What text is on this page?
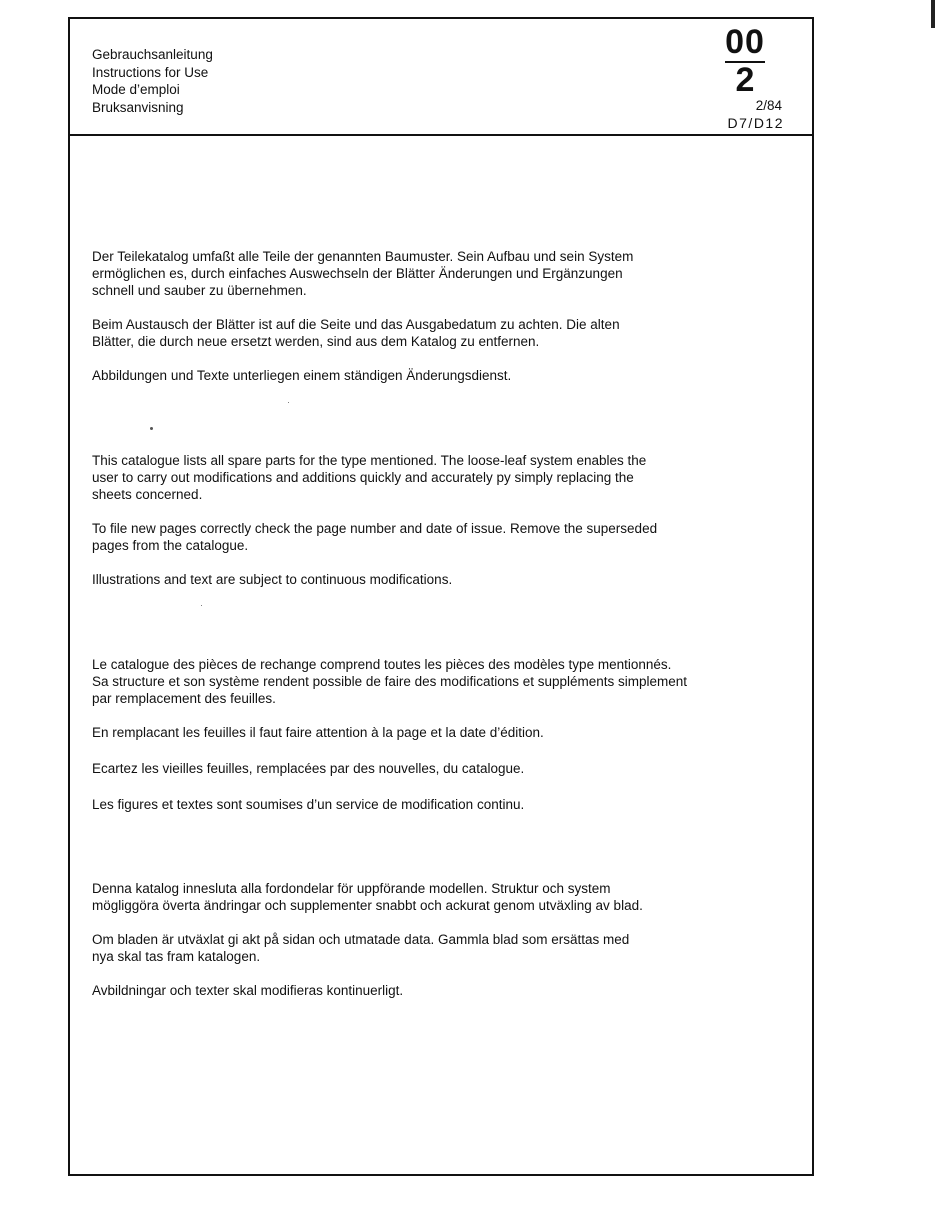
Gebrauchsanleitung
Instructions for Use
Mode d’emploi
Bruksanvisning
00
2
2/84
D7/D12

Der Teilekatalog umfaßt alle Teile der genannten Baumuster. Sein Aufbau und sein System
ermöglichen es, durch einfaches Auswechseln der Blätter Änderungen und Ergänzungen
schnell und sauber zu übernehmen.

Beim Austausch der Blätter ist auf die Seite und das Ausgabedatum zu achten. Die alten
Blätter, die durch neue ersetzt werden, sind aus dem Katalog zu entfernen.

Abbildungen und Texte unterliegen einem ständigen Änderungsdienst.

This catalogue lists all spare parts for the type mentioned. The loose-leaf system enables the
user to carry out modifications and additions quickly and accurately py simply replacing the
sheets concerned.

To file new pages correctly check the page number and date of issue. Remove the superseded
pages from the catalogue.

Illustrations and text are subject to continuous modifications.

Le catalogue des pièces de rechange comprend toutes les pièces des modèles type mentionnés.
Sa structure et son système rendent possible de faire des modifications et suppléments simplement
par remplacement des feuilles.

En remplacant les feuilles il faut faire attention à la page et la date d’édition.

Ecartez les vieilles feuilles, remplacées par des nouvelles, du catalogue.

Les figures et textes sont soumises d’un service de modification continu.

Denna katalog innesluta alla fordondelar för uppförande modellen. Struktur och system
mögliggöra överta ändringar och supplementer snabbt och ackurat genom utväxling av blad.

Om bladen är utväxlat gi akt på sidan och utmatade data. Gammla blad som ersättas med
nya skal tas fram katalogen.

Avbildningar och texter skal modifieras kontinuerligt.
